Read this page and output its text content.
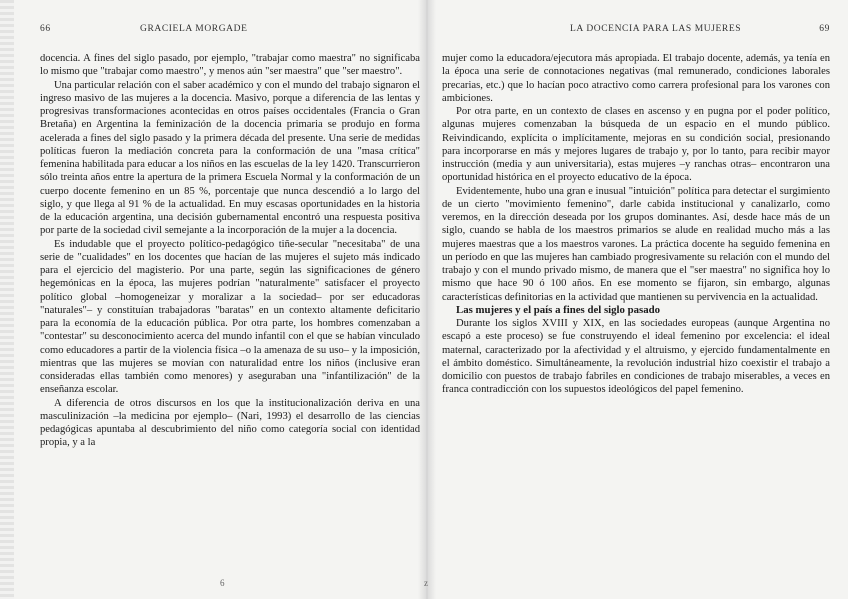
66	GRACIELA MORGADE

docencia. A fines del siglo pasado, por ejemplo, "trabajar como maestra" no significaba lo mismo que "trabajar como maestro", y menos aún "ser maestra" que "ser maestro".

Una particular relación con el saber académico y con el mundo del trabajo signaron el ingreso masivo de las mujeres a la docencia. Masivo, porque a diferencia de las lentas y progresivas transformaciones acontecidas en otros países occidentales (Francia o Gran Bretaña) en Argentina la feminización de la docencia primaria se produjo en forma acelerada a fines del siglo pasado y la primera década del presente. Una serie de medidas políticas fueron la mediación concreta para la conformación de una "masa crítica" femenina habilitada para educar a los niños en las escuelas de la ley 1420. Transcurrieron sólo treinta años entre la apertura de la primera Escuela Normal y la conformación de un cuerpo docente femenino en un 85 %, porcentaje que nunca descendió a lo largo del siglo, y que llega al 91 % de la actualidad. En muy escasas oportunidades en la historia de la educación argentina, una decisión gubernamental encontró una respuesta positiva por parte de la sociedad civil semejante a la incorporación de la mujer a la docencia.

Es indudable que el proyecto político-pedagógico tiñe-secular "necesitaba" de una serie de "cualidades" en los docentes que hacían de las mujeres el sujeto más indicado para el ejercicio del magisterio. Por una parte, según las significaciones de género hegemónicas en la época, las mujeres podrían "naturalmente" satisfacer el proyecto político global –homogeneizar y moralizar a la sociedad– por ser educadoras "naturales"– y constituían trabajadoras "baratas" en un contexto altamente deficitario para la economía de la educación pública. Por otra parte, los hombres comenzaban a "contestar" su desconocimiento acerca del mundo infantil con el que se habían vinculado como educadores a partir de la violencia física –o la amenaza de su uso– y la imposición, mientras que las mujeres se movían con naturalidad entre los niños (inclusive eran consideradas ellas también como menores) y aseguraban una "infantilización" de la enseñanza escolar.

A diferencia de otros discursos en los que la institucionalización deriva en una masculinización –la medicina por ejemplo– (Nari, 1993) el desarrollo de las ciencias pedagógicas apuntaba al descubrimiento del niño como categoría social con identidad propia, y a la

6
LA DOCENCIA PARA LAS MUJERES	69

mujer como la educadora/ejecutora más apropiada. El trabajo docente, además, ya tenía en la época una serie de connotaciones negativas (mal remunerado, condiciones laborales precarias, etc.) que lo hacían poco atractivo como carrera profesional para los varones con ambiciones.

Por otra parte, en un contexto de clases en ascenso y en pugna por el poder político, algunas mujeres comenzaban la búsqueda de un espacio en el mundo público. Reivindicando, explícita o implícitamente, mejoras en su condición social, presionando para incorporarse en más y mejores lugares de trabajo y, por lo tanto, para recibir mayor instrucción (media y aun universitaria), estas mujeres –y ranchas otras– encontraron una oportunidad histórica en el proyecto educativo de la época.

Evidentemente, hubo una gran e inusual "intuición" política para detectar el surgimiento de un cierto "movimiento femenino", darle cabida institucional y canalizarlo, como veremos, en la dirección deseada por los grupos dominantes. Así, desde hace más de un siglo, cuando se habla de los maestros primarios se alude en realidad mucho más a las mujeres maestras que a los maestros varones. La práctica docente ha seguido femenina en un período en que las mujeres han cambiado progresivamente su relación con el mundo del trabajo y con el mundo privado mismo, de manera que el "ser maestra" no significa hoy lo mismo que hace 90 ó 100 años. En ese momento se fijaron, sin embargo, algunas características definitorias en la actividad que mantienen su pervivencia en la actualidad.

Las mujeres y el país a fines del siglo pasado

Durante los siglos XVIII y XIX, en las sociedades europeas (aunque Argentina no escapó a este proceso) se fue construyendo el ideal femenino por excelencia: el ideal maternal, caracterizado por la afectividad y el altruismo, y ejercido fundamentalmente en el ámbito doméstico. Simultáneamente, la revolución industrial hizo coexistir el trabajo a domicilio con puestos de trabajo fabriles en condiciones de trabajo miserables, a veces en franca contradicción con los supuestos ideológicos del papel femenino.

z
